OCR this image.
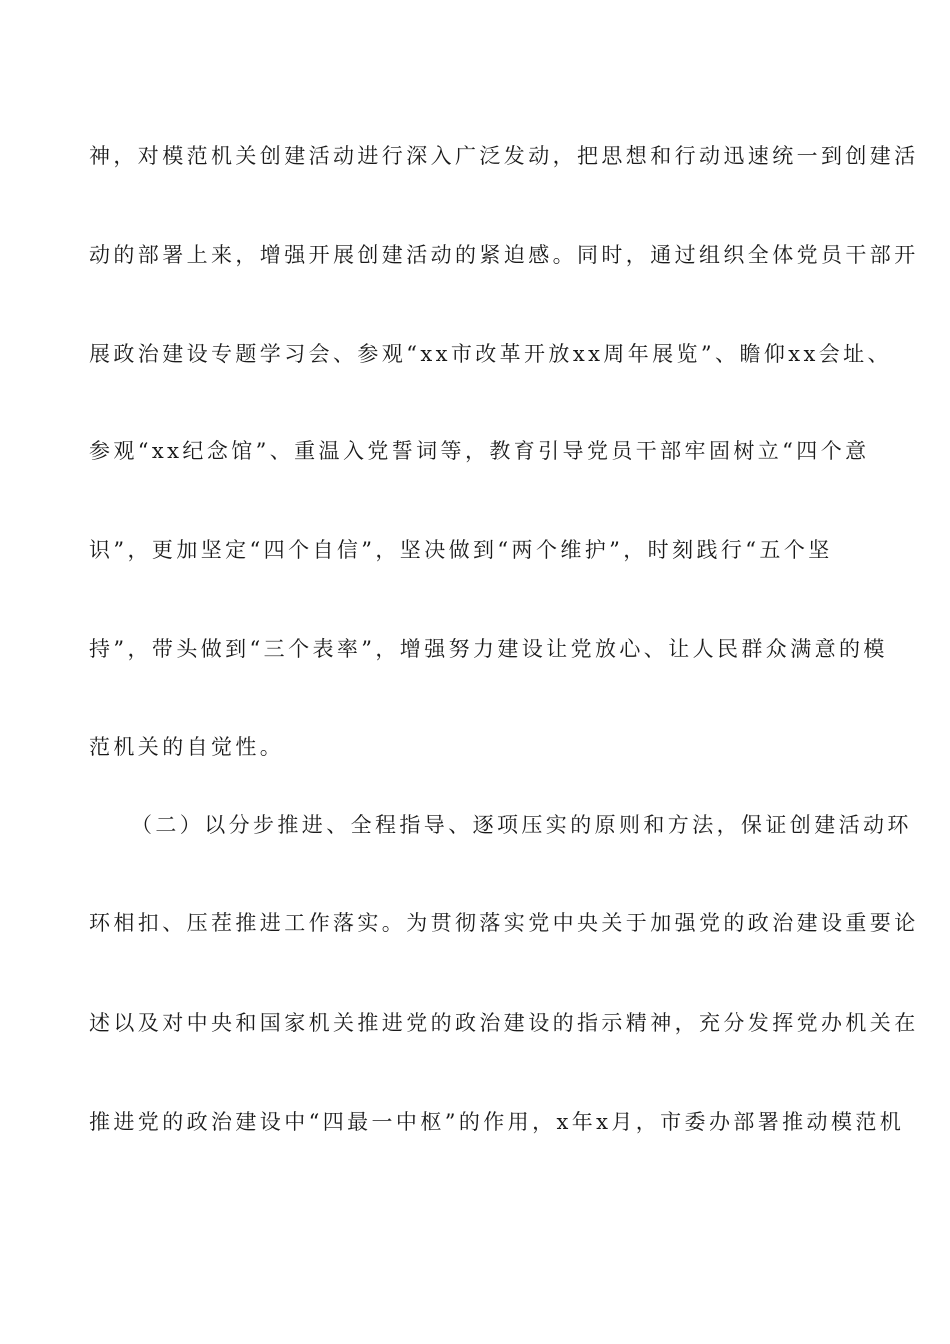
神，对模范机关创建活动进行深入广泛发动，把思想和行动迅速统一到创建活
动的部署上来，增强开展创建活动的紧迫感。同时，通过组织全体党员干部开
展政治建设专题学习会、参观“xx市改革开放xx周年展览”、瞻仰xx会址、
参观“xx纪念馆”、重温入党誓词等，教育引导党员干部牢固树立“四个意
识”，更加坚定“四个自信”，坚决做到“两个维护”，时刻践行“五个坚
持”，带头做到“三个表率”，增强努力建设让党放心、让人民群众满意的模
范机关的自觉性。
（二）以分步推进、全程指导、逐项压实的原则和方法，保证创建活动环
环相扣、压茬推进工作落实。为贯彻落实党中央关于加强党的政治建设重要论
述以及对中央和国家机关推进党的政治建设的指示精神，充分发挥党办机关在
推进党的政治建设中“四最一中枢”的作用，x年x月，市委办部署推动模范机
